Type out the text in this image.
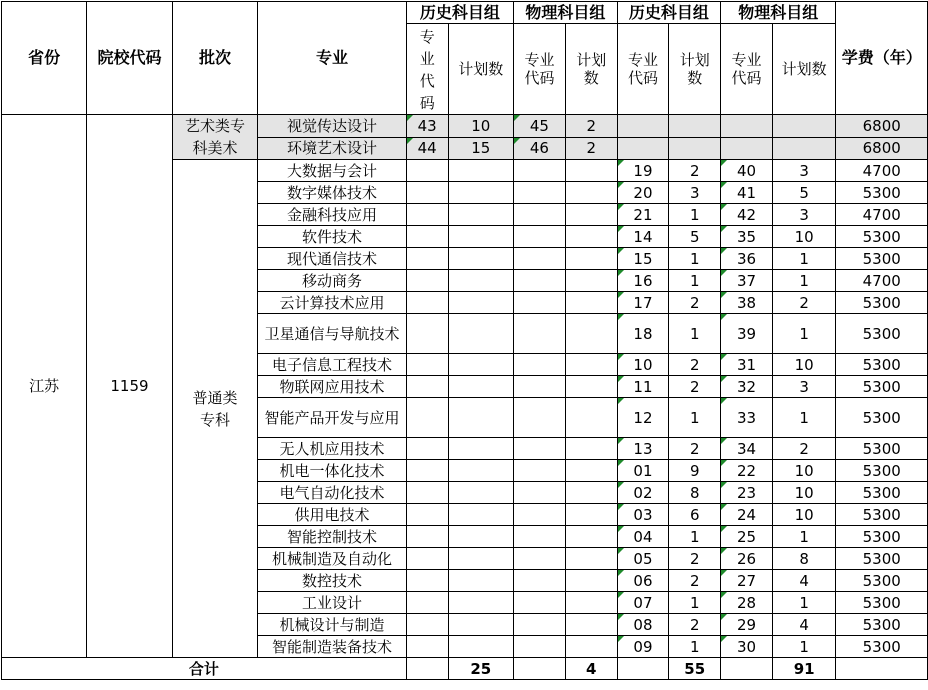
省份	院校代码	批次	专业	历史科目组		物理科目组		历史科目组		物理科目组		学费（年）

				专业代码	计划数	专业代码	计划数	专业代码	计划数	专业代码	计划数	
江苏	1159	艺术类专科美术	视觉传达设计	43	10	45	2					6800
			环境艺术设计	44	15	46	2					6800
		普通类专科	大数据与会计					19	2	40	3	4700
			数字媒体技术					20	3	41	5	5300
			金融科技应用					21	1	42	3	4700
			软件技术					14	5	35	10	5300
			现代通信技术					15	1	36	1	5300
			移动商务					16	1	37	1	4700
			云计算技术应用					17	2	38	2	5300
			卫星通信与导航技术					18	1	39	1	5300
			电子信息工程技术					10	2	31	10	5300
			物联网应用技术					11	2	32	3	5300
			智能产品开发与应用					12	1	33	1	5300
			无人机应用技术					13	2	34	2	5300
			机电一体化技术					01	9	22	10	5300
			电气自动化技术					02	8	23	10	5300
			供用电技术					03	6	24	10	5300
			智能控制技术					04	1	25	1	5300
			机械制造及自动化					05	2	26	8	5300
			数控技术					06	2	27	4	5300
			工业设计					07	1	28	1	5300
			机械设计与制造					08	2	29	4	5300
			智能制造装备技术					09	1	30	1	5300
合计					25		4		55		91	
